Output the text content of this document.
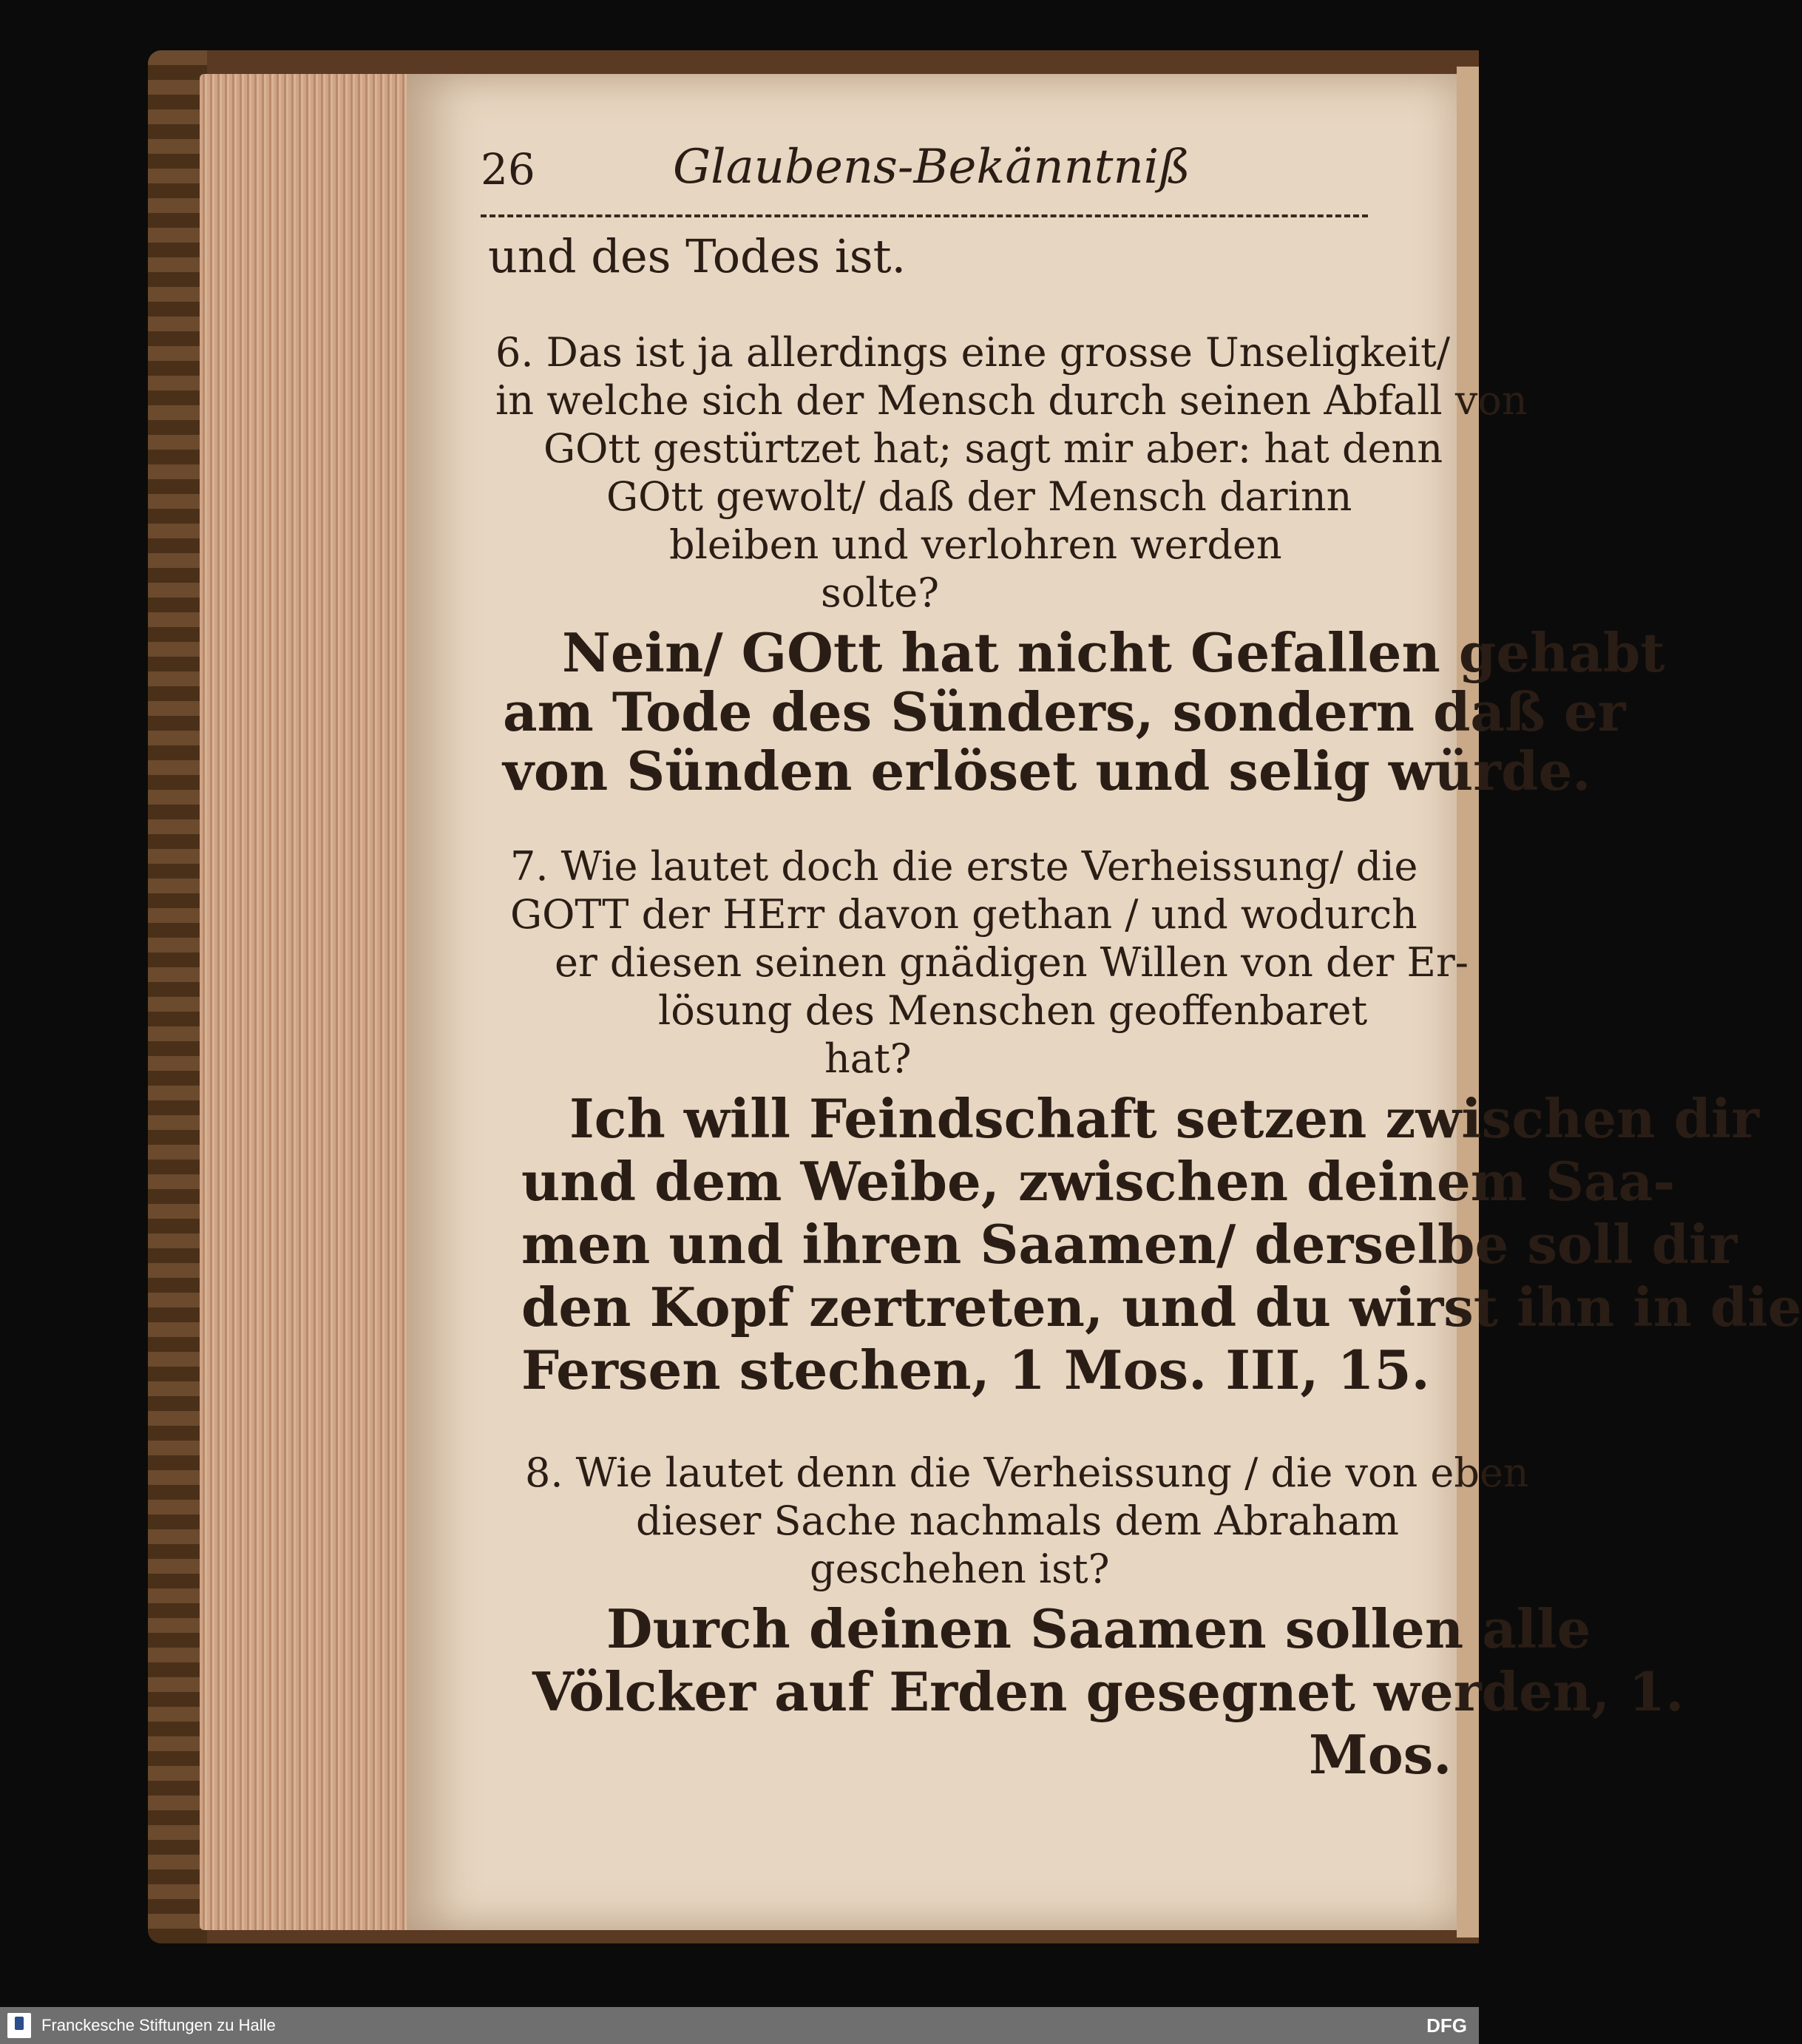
26	Glaubens-Bekänntniß
und des Todes ist.
6. Das ist ja allerdings eine grosse Unseligkeit/
in welche sich der Mensch durch seinen Abfall von
GOtt gestürtzet hat; sagt mir aber: hat denn
GOtt gewolt/ daß der Mensch darinn
bleiben und verlohren werden
solte?
Nein/ GOtt hat nicht Gefallen gehabt
am Tode des Sünders, sondern daß er
von Sünden erlöset und selig würde.
7. Wie lautet doch die erste Verheissung/ die
GOTT der HErr davon gethan / und wodurch
er diesen seinen gnädigen Willen von der Er-
lösung des Menschen geoffenbaret
hat?
Ich will Feindschaft setzen zwischen dir
und dem Weibe, zwischen deinem Saa-
men und ihren Saamen/ derselbe soll dir
den Kopf zertreten, und du wirst ihn in die
Fersen stechen, 1 Mos. III, 15.
8. Wie lautet denn die Verheissung / die von eben
dieser Sache nachmals dem Abraham
geschehen ist?
Durch deinen Saamen sollen alle
Völcker auf Erden gesegnet werden, 1.
Mos.
Franckesche Stiftungen zu Halle	DFG
